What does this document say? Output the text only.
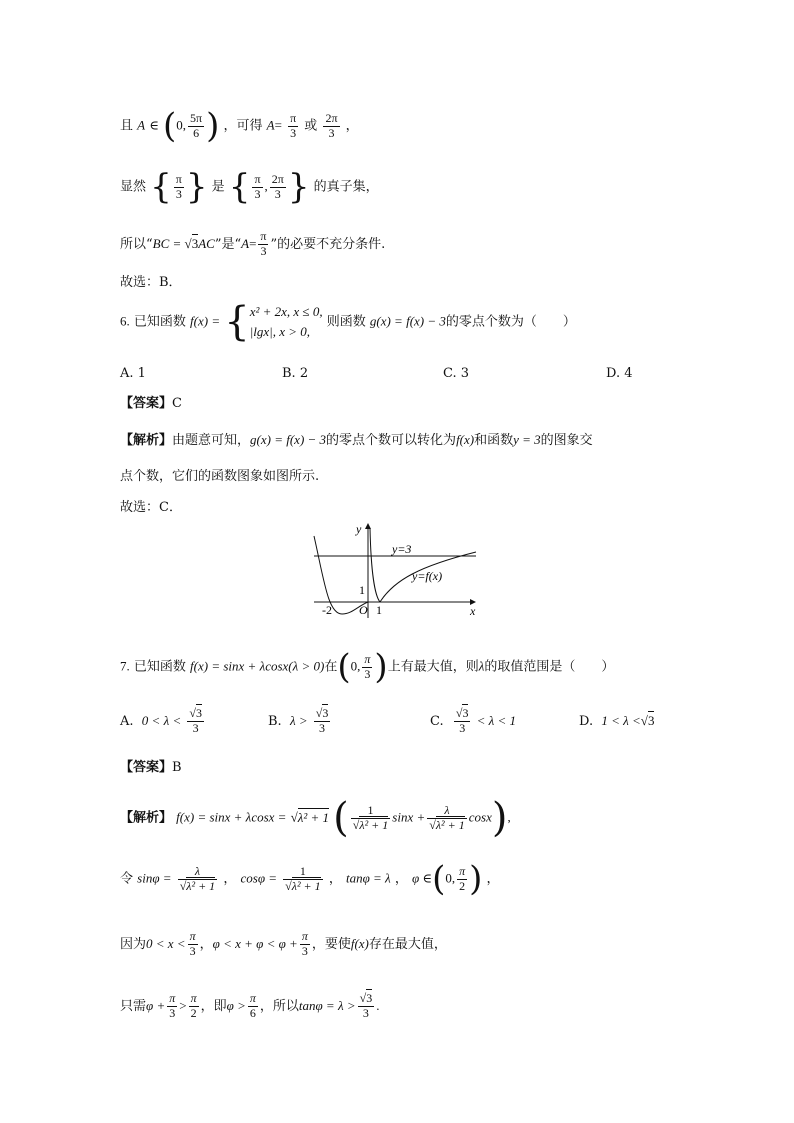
且 A ∈ (0, $\frac{5\pi}{6}$ ) ，可得 $A= \frac{\pi}{3}$ 或 $\frac{2\pi}{3}$ ，
显然 { $\frac{\pi}{3}$ } 是 { $\frac{\pi}{3}$ , $\frac{2\pi}{3}$ } 的真子集，
所以“BC = √3AC”是“$A= \frac{\pi}{3}$ ”的必要不充分条件.
故选：B．
6. 已知函数 f(x) = { x² + 2x, x ≤ 0,
|lgx|, x > 0,
则函数 g(x) = f(x) − 3的零点个数为（　　）
A. 1	B. 2	C. 3	D. 4
【答案】C
【解析】由题意可知，g(x) = f(x) − 3的零点个数可以转化为f(x)和函数y = 3的图象交
点个数，它们的函数图象如图所示.
故选：C．
y
x
y=3
y=f(x)
-2 O 1
1
7. 已知函数 f(x) = sinx + λcosx(λ > 0)在(0, $\frac{\pi}{3}$ )上有最大值，则λ的取值范围是（　　）
A. $0 < \lambda < \frac{√3}{3}$	B. $\lambda > \frac{√3}{3}$	C. $\frac{√3}{3} < \lambda < 1$	D. 1 < λ <√3
【答案】B
【解析】 f(x) = sinx + λcosx = √λ² + 1 ( $\frac{1}{\text{√λ² + 1}}$ $\sin x + \frac{\lambda}{\text{√λ² + 1}} \cos x$),
令 $\sin\varphi = \frac{\lambda}{\text{√λ² + 1}}$ ， $\cos\varphi = \frac{1}{\text{√λ² + 1}}$ ， tanφ = λ ， φ ∈(0, $\frac{\pi}{2}$ ) ，
因为$0 < x < \frac{\pi}{3}$ ，$\varphi < x + \varphi < \varphi + \frac{\pi}{3}$ ，要使f(x)存在最大值，
只需$\varphi + \frac{\pi}{3} > \frac{\pi}{2}$ ，即$\varphi > \frac{\pi}{6}$ ，所以$\tan\varphi = \lambda > \frac{√3}{3}$ .
